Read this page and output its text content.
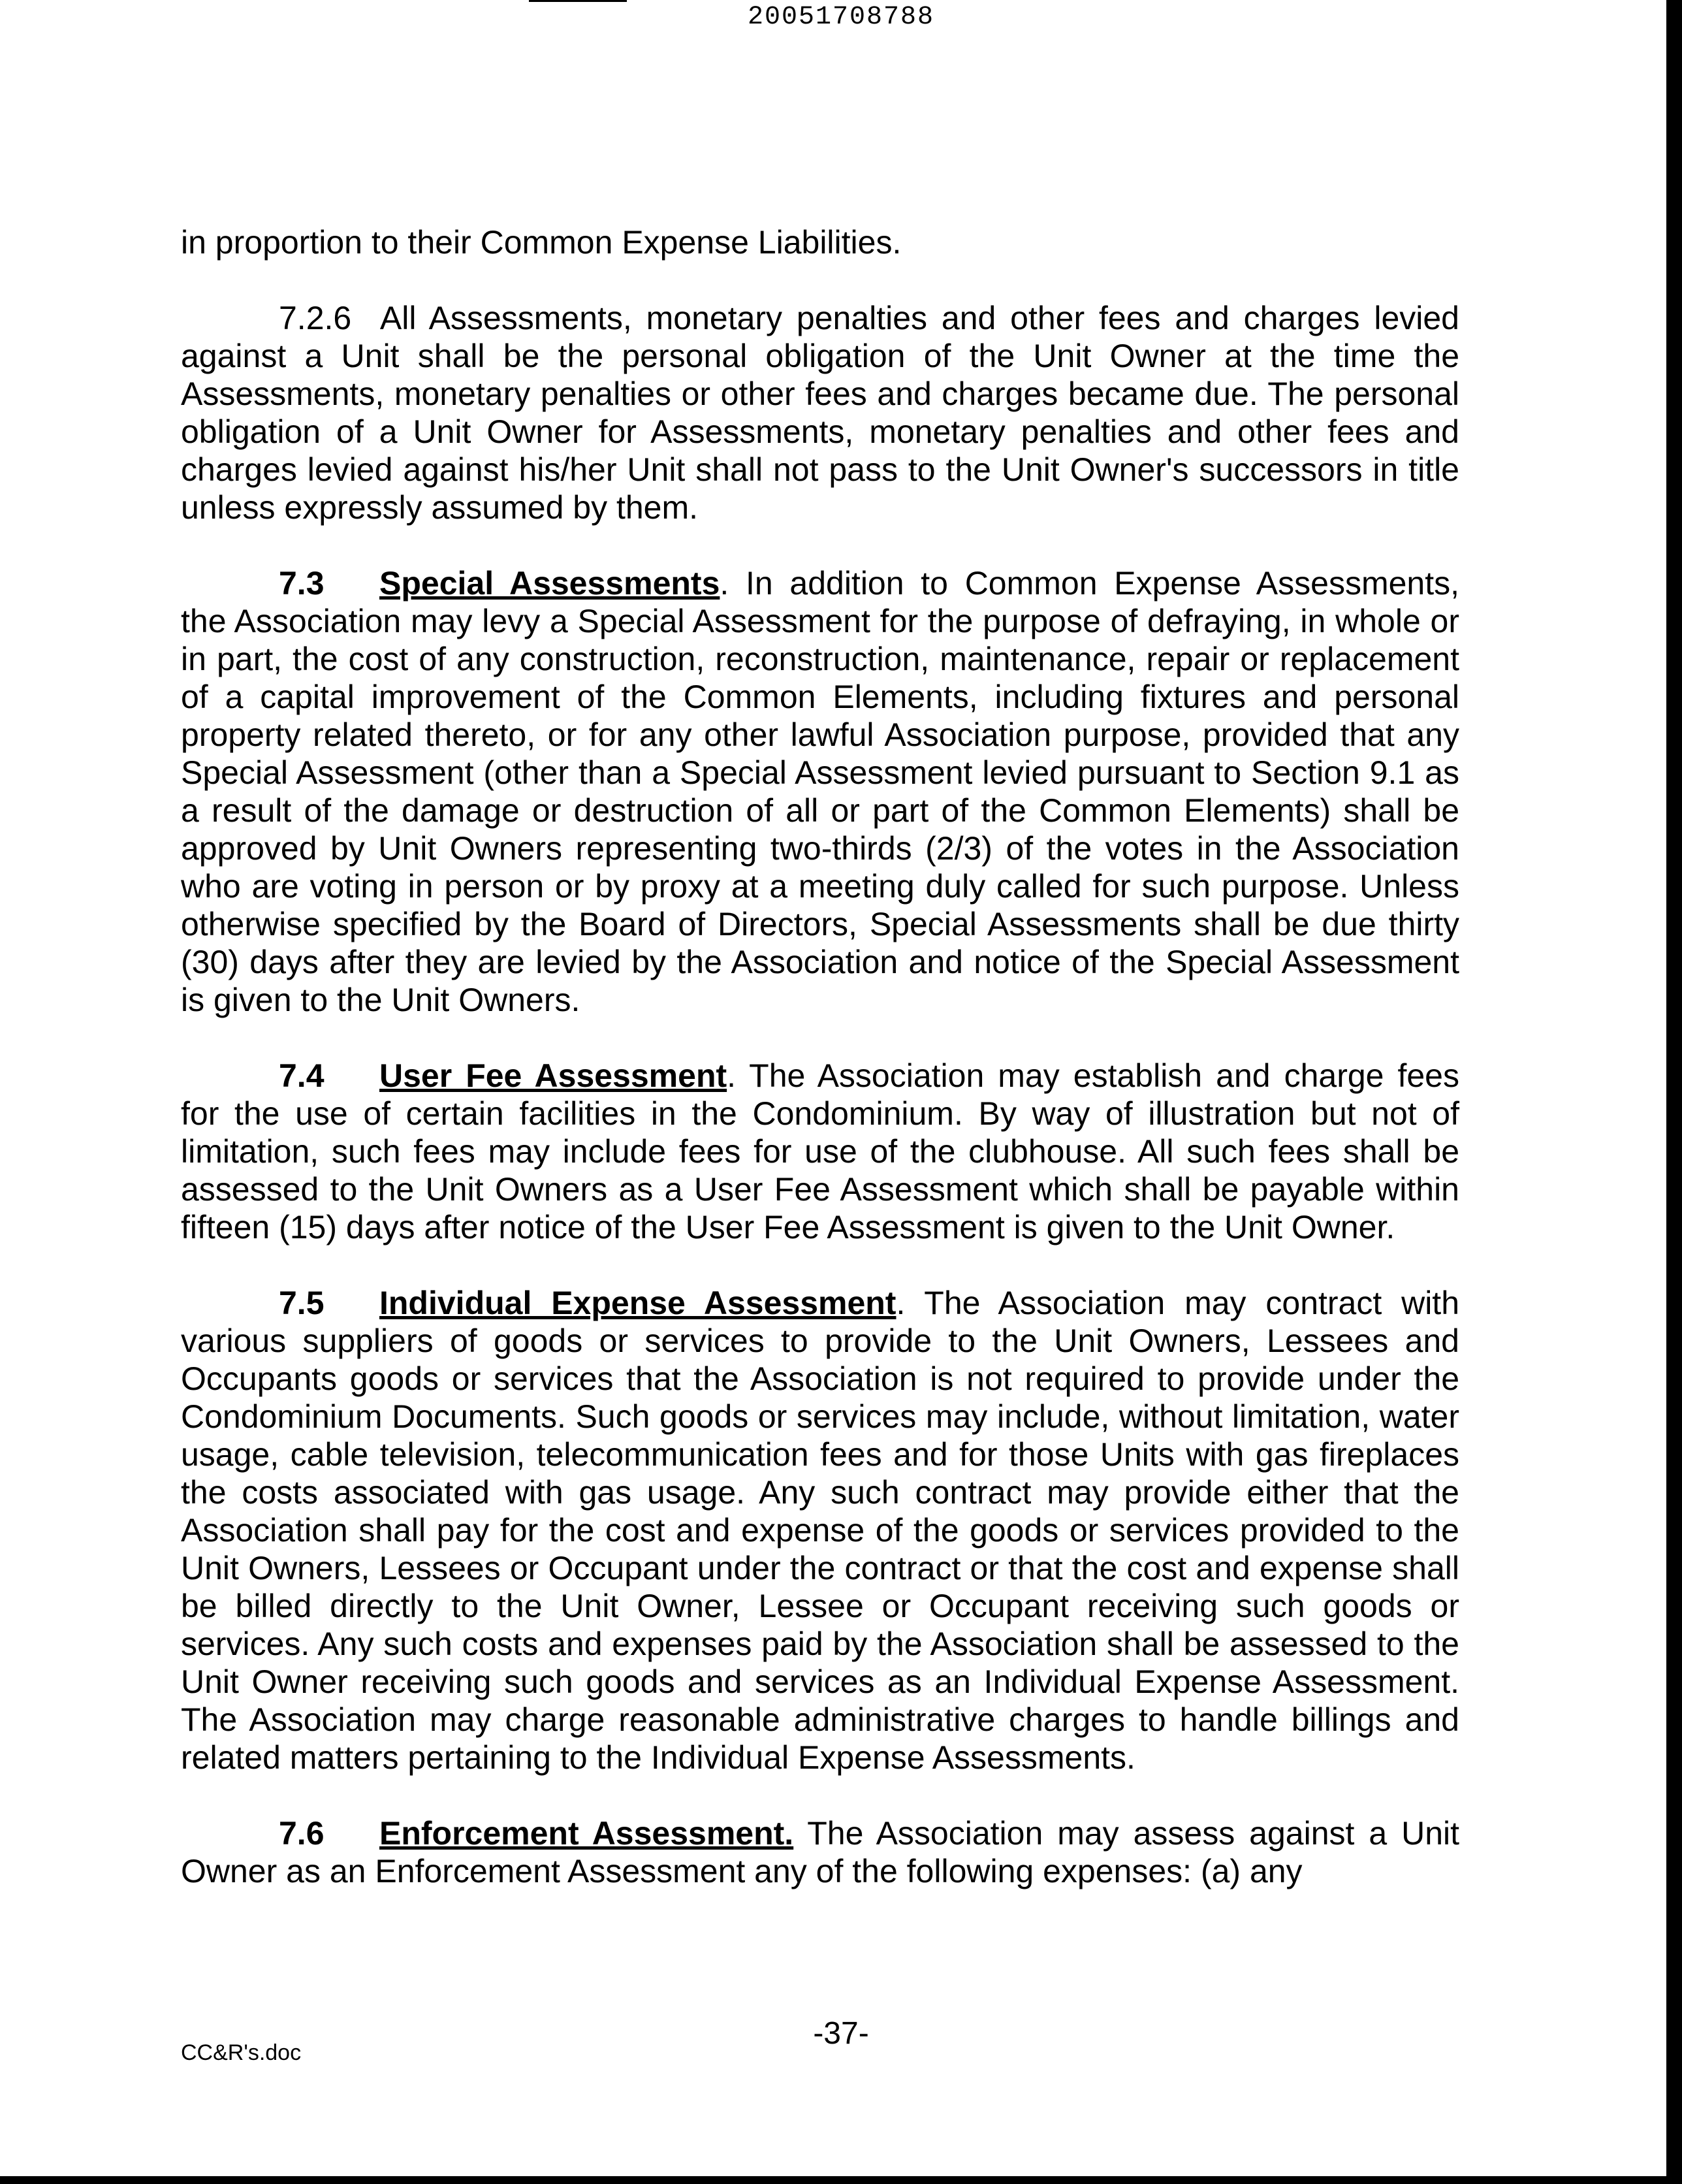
20051708788

in proportion to their Common Expense Liabilities.

7.2.6 All Assessments, monetary penalties and other fees and charges levied against a Unit shall be the personal obligation of the Unit Owner at the time the Assessments, monetary penalties or other fees and charges became due. The personal obligation of a Unit Owner for Assessments, monetary penalties and other fees and charges levied against his/her Unit shall not pass to the Unit Owner's successors in title unless expressly assumed by them.

7.3 Special Assessments. In addition to Common Expense Assessments, the Association may levy a Special Assessment for the purpose of defraying, in whole or in part, the cost of any construction, reconstruction, maintenance, repair or replacement of a capital improvement of the Common Elements, including fixtures and personal property related thereto, or for any other lawful Association purpose, provided that any Special Assessment (other than a Special Assessment levied pursuant to Section 9.1 as a result of the damage or destruction of all or part of the Common Elements) shall be approved by Unit Owners representing two-thirds (2/3) of the votes in the Association who are voting in person or by proxy at a meeting duly called for such purpose. Unless otherwise specified by the Board of Directors, Special Assessments shall be due thirty (30) days after they are levied by the Association and notice of the Special Assessment is given to the Unit Owners.

7.4 User Fee Assessment. The Association may establish and charge fees for the use of certain facilities in the Condominium. By way of illustration but not of limitation, such fees may include fees for use of the clubhouse. All such fees shall be assessed to the Unit Owners as a User Fee Assessment which shall be payable within fifteen (15) days after notice of the User Fee Assessment is given to the Unit Owner.

7.5 Individual Expense Assessment. The Association may contract with various suppliers of goods or services to provide to the Unit Owners, Lessees and Occupants goods or services that the Association is not required to provide under the Condominium Documents. Such goods or services may include, without limitation, water usage, cable television, telecommunication fees and for those Units with gas fireplaces the costs associated with gas usage. Any such contract may provide either that the Association shall pay for the cost and expense of the goods or services provided to the Unit Owners, Lessees or Occupant under the contract or that the cost and expense shall be billed directly to the Unit Owner, Lessee or Occupant receiving such goods or services. Any such costs and expenses paid by the Association shall be assessed to the Unit Owner receiving such goods and services as an Individual Expense Assessment. The Association may charge reasonable administrative charges to handle billings and related matters pertaining to the Individual Expense Assessments.

7.6 Enforcement Assessment. The Association may assess against a Unit Owner as an Enforcement Assessment any of the following expenses: (a) any

-37-
CC&R's.doc
